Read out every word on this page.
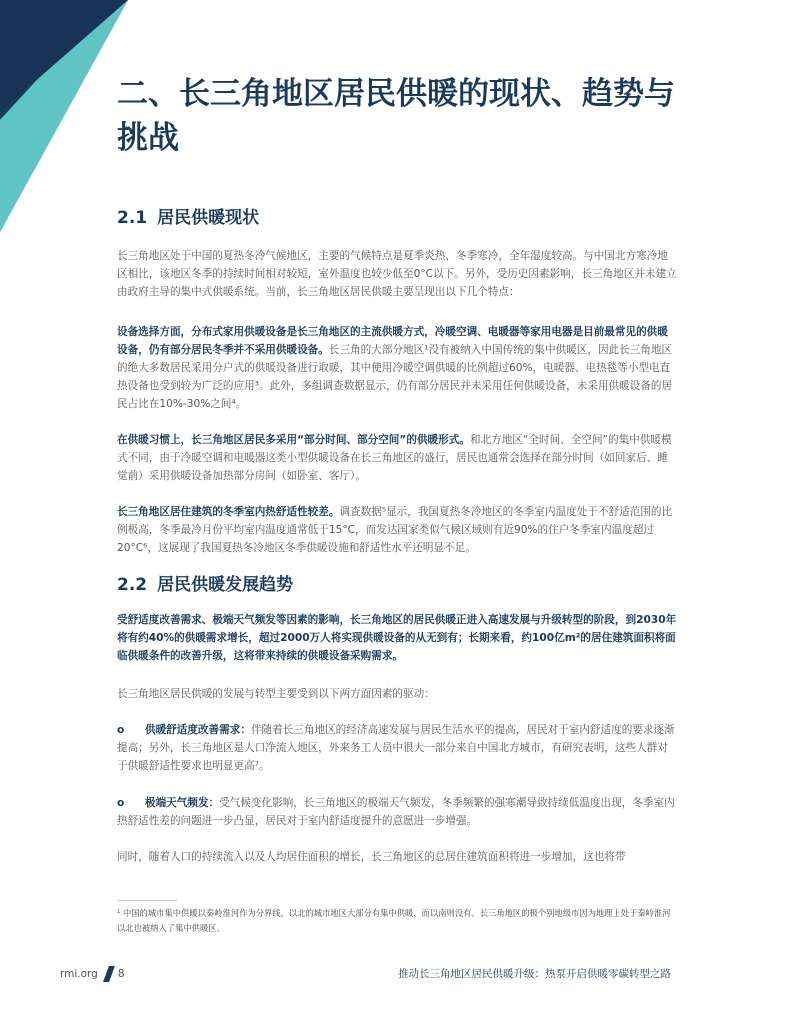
二、长三角地区居民供暖的现状、趋势与挑战
2.1 居民供暖现状

长三角地区处于中国的夏热冬冷气候地区，主要的气候特点是夏季炎热，冬季寒冷，全年湿度较高。与中国北方寒冷地区相比，该地区冬季的持续时间相对较短，室外温度也较少低至0°C以下。另外，受历史因素影响，长三角地区并未建立由政府主导的集中式供暖系统。当前，长三角地区居民供暖主要呈现出以下几个特点：

设备选择方面，分布式家用供暖设备是长三角地区的主流供暖方式，冷暖空调、电暖器等家用电器是目前最常见的供暖设备，仍有部分居民冬季并不采用供暖设备。长三角的大部分地区¹没有被纳入中国传统的集中供暖区，因此长三角地区的绝大多数居民采用分户式的供暖设备进行取暖，其中使用冷暖空调供暖的比例超过60%，电暖器、电热毯等小型电直热设备也受到较为广泛的应用³。此外，多组调查数据显示，仍有部分居民并未采用任何供暖设备，未采用供暖设备的居民占比在10%-30%之间⁴。

在供暖习惯上，长三角地区居民多采用“部分时间、部分空间”的供暖形式。和北方地区“全时间、全空间”的集中供暖模式不同，由于冷暖空调和电暖器这类小型供暖设备在长三角地区的盛行，居民也通常会选择在部分时间（如回家后、睡觉前）采用供暖设备加热部分房间（如卧室、客厅）。

长三角地区居住建筑的冬季室内热舒适性较差。调查数据⁵显示，我国夏热冬冷地区的冬季室内温度处于不舒适范围的比例极高，冬季最冷月份平均室内温度通常低于15°C，而发达国家类似气候区域则有近90%的住户冬季室内温度超过20°C⁶，这展现了我国夏热冬冷地区冬季供暖设施和舒适性水平还明显不足。

2.2 居民供暖发展趋势

受舒适度改善需求、极端天气频发等因素的影响，长三角地区的居民供暖正进入高速发展与升级转型的阶段，到2030年将有约40%的供暖需求增长，超过2000万人将实现供暖设备的从无到有；长期来看，约100亿m²的居住建筑面积将面临供暖条件的改善升级，这将带来持续的供暖设备采购需求。

长三角地区居民供暖的发展与转型主要受到以下两方面因素的驱动：

o 供暖舒适度改善需求：伴随着长三角地区的经济高速发展与居民生活水平的提高，居民对于室内舒适度的要求逐渐提高；另外，长三角地区是人口净流入地区，外来务工人员中很大一部分来自中国北方城市，有研究表明，这些人群对于供暖舒适性要求也明显更高⁷。

o 极端天气频发：受气候变化影响，长三角地区的极端天气频发，冬季频繁的强寒潮导致持续低温度出现，冬季室内热舒适性差的问题进一步凸显，居民对于室内舒适度提升的意愿进一步增强。

同时，随着人口的持续流入以及人均居住面积的增长，长三角地区的总居住建筑面积将进一步增加，这也将带

¹ 中国的城市集中供暖以秦岭淮河作为分界线，以北的城市地区大部分有集中供暖，而以南则没有。长三角地区的极个别地级市因为地理上处于秦岭淮河以北也被纳入了集中供暖区。

rmi.org 8	推动长三角地区居民供暖升级：热泵开启供暖零碳转型之路
